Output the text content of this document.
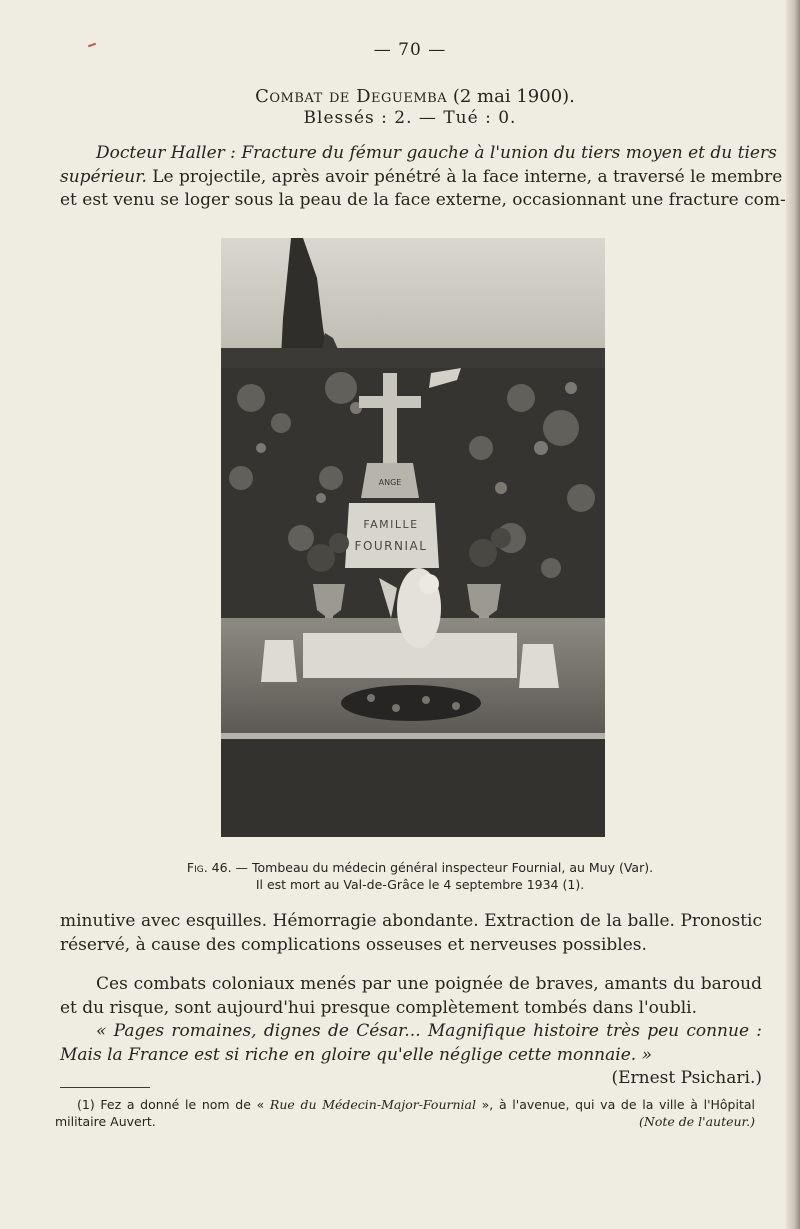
— 70 —
Combat de Deguemba (2 mai 1900).
Blessés : 2. — Tué : 0.
Docteur Haller : Fracture du fémur gauche à l'union du tiers moyen et du tiers
supérieur. Le projectile, après avoir pénétré à la face interne, a traversé le membre
et est venu se loger sous la peau de la face externe, occasionnant une fracture com-
ANGE
FAMILLE
FOURNIAL
Fig. 46. — Tombeau du médecin général inspecteur Fournial, au Muy (Var).
Il est mort au Val-de-Grâce le 4 septembre 1934 (1).
minutive avec esquilles. Hémorragie abondante. Extraction de la balle. Pronostic
réservé, à cause des complications osseuses et nerveuses possibles.
Ces combats coloniaux menés par une poignée de braves, amants du baroud
et du risque, sont aujourd'hui presque complètement tombés dans l'oubli.
« Pages romaines, dignes de César... Magnifique histoire très peu connue :
Mais la France est si riche en gloire qu'elle néglige cette monnaie. »
(Ernest Psichari.)
(1) Fez a donné le nom de « Rue du Médecin-Major-Fournial », à l'avenue, qui va de la ville à l'Hôpital
militaire Auvert.	(Note de l'auteur.)
